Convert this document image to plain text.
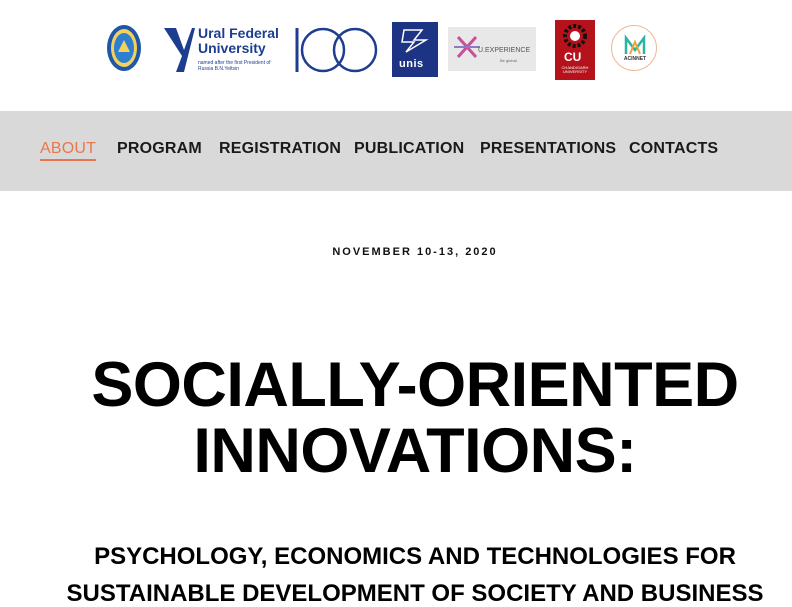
Ural Federal
University
named after the first President of Russia B.N.Yeltsin	unis
U.EXPERIENCE
Be global	CU
CHANDIGARH UNIVERSITY
ACINNET
ABOUT PROGRAM REGISTRATION PUBLICATION PRESENTATIONS CONTACTS
NOVEMBER 10-13, 2020
SOCIALLY-ORIENTED
INNOVATIONS:
PSYCHOLOGY, ECONOMICS AND TECHNOLOGIES FOR
SUSTAINABLE DEVELOPMENT OF SOCIETY AND BUSINESS
